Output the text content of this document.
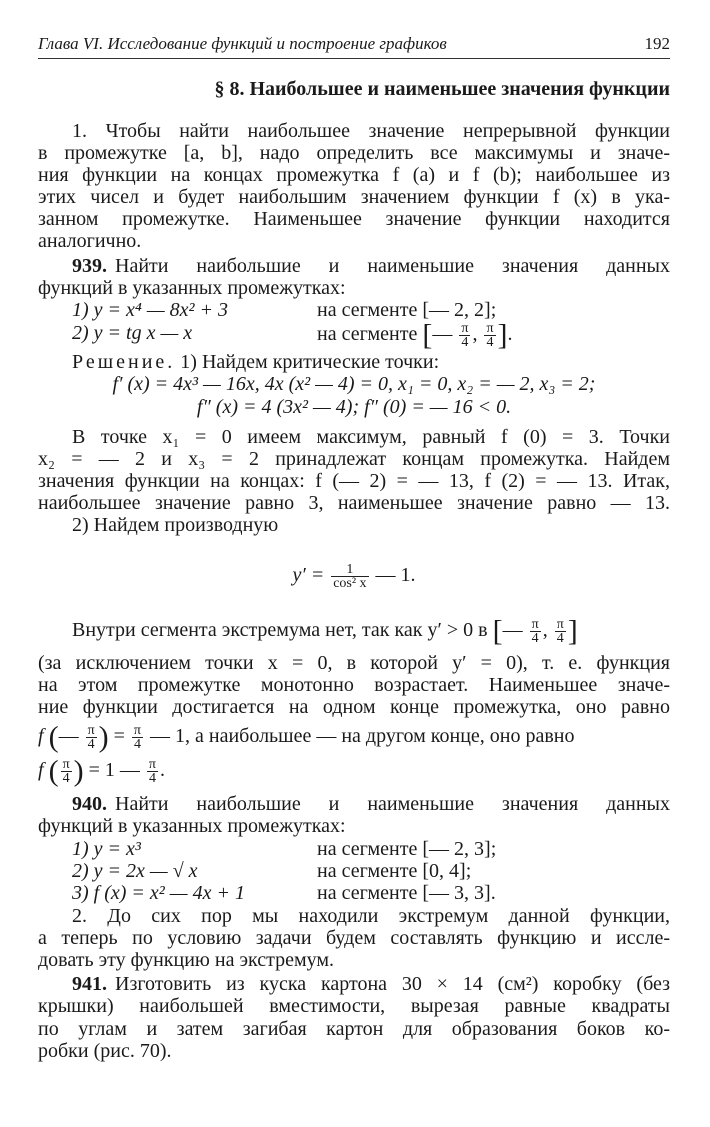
Глава VI. Исследование функций и построение графиков	192
§ 8. Наибольшее и наименьшее значения функции
1. Чтобы найти наибольшее значение непрерывной функции
в промежутке [a, b], надо определить все максимумы и значе-
ния функции на концах промежутка f (a) и f (b); наибольшее из
этих чисел и будет наибольшим значением функции f (x) в ука-
занном промежутке. Наименьшее значение функции находится
аналогично.
939. Найти наибольшие и наименьшие значения данных
функций в указанных промежутках:
1) y = x⁴ — 8x² + 3	на сегменте [— 2, 2];
2) y = tg x — x	на сегменте [— $\frac{\pi}{4}$ , $\frac{\pi}{4}$ ].
Решение. 1) Найдем критические точки:
f′ (x) = 4x³ — 16x, 4x (x² — 4) = 0, x₁ = 0, x₂ = — 2, x₃ = 2;
f″ (x) = 4 (3x² — 4); f″ (0) = — 16 < 0.
В точке x₁ = 0 имеем максимум, равный f (0) = 3. Точки
x₂ = — 2 и x₃ = 2 принадлежат концам промежутка. Найдем
значения функции на концах: f (— 2) = — 13, f (2) = — 13. Итак,
наибольшее значение равно 3, наименьшее значение равно — 13.
2) Найдем производную
$y' = \frac{1}{\text{cos² x}}$ — 1.
Внутри сегмента экстремума нет, так как y′ > 0 в [— $\frac{\pi}{4}$ , $\frac{\pi}{4}$ ]
(за исключением точки x = 0, в которой y′ = 0), т. е. функция
на этом промежутке монотонно возрастает. Наименьшее значе-
ние функции достигается на одном конце промежутка, оно равно
f (— $\frac{\pi}{4}$ ) = $\frac{\pi}{4}$ — 1, а наибольшее — на другом конце, оно равно
f ( $\frac{\pi}{4}$ ) = 1 — $\frac{\pi}{4}$ .
940. Найти наибольшие и наименьшие значения данных
функций в указанных промежутках:
1) y = x³	на сегменте [— 2, 3];
2) y = 2x — √ x	на сегменте [0, 4];
3) f (x) = x² — 4x + 1	на сегменте [— 3, 3].
2. До сих пор мы находили экстремум данной функции,
а теперь по условию задачи будем составлять функцию и иссле-
довать эту функцию на экстремум.
941. Изготовить из куска картона 30 × 14 (см²) коробку (без
крышки) наибольшей вместимости, вырезая равные квадраты
по углам и затем загибая картон для образования боков ко-
робки (рис. 70).
